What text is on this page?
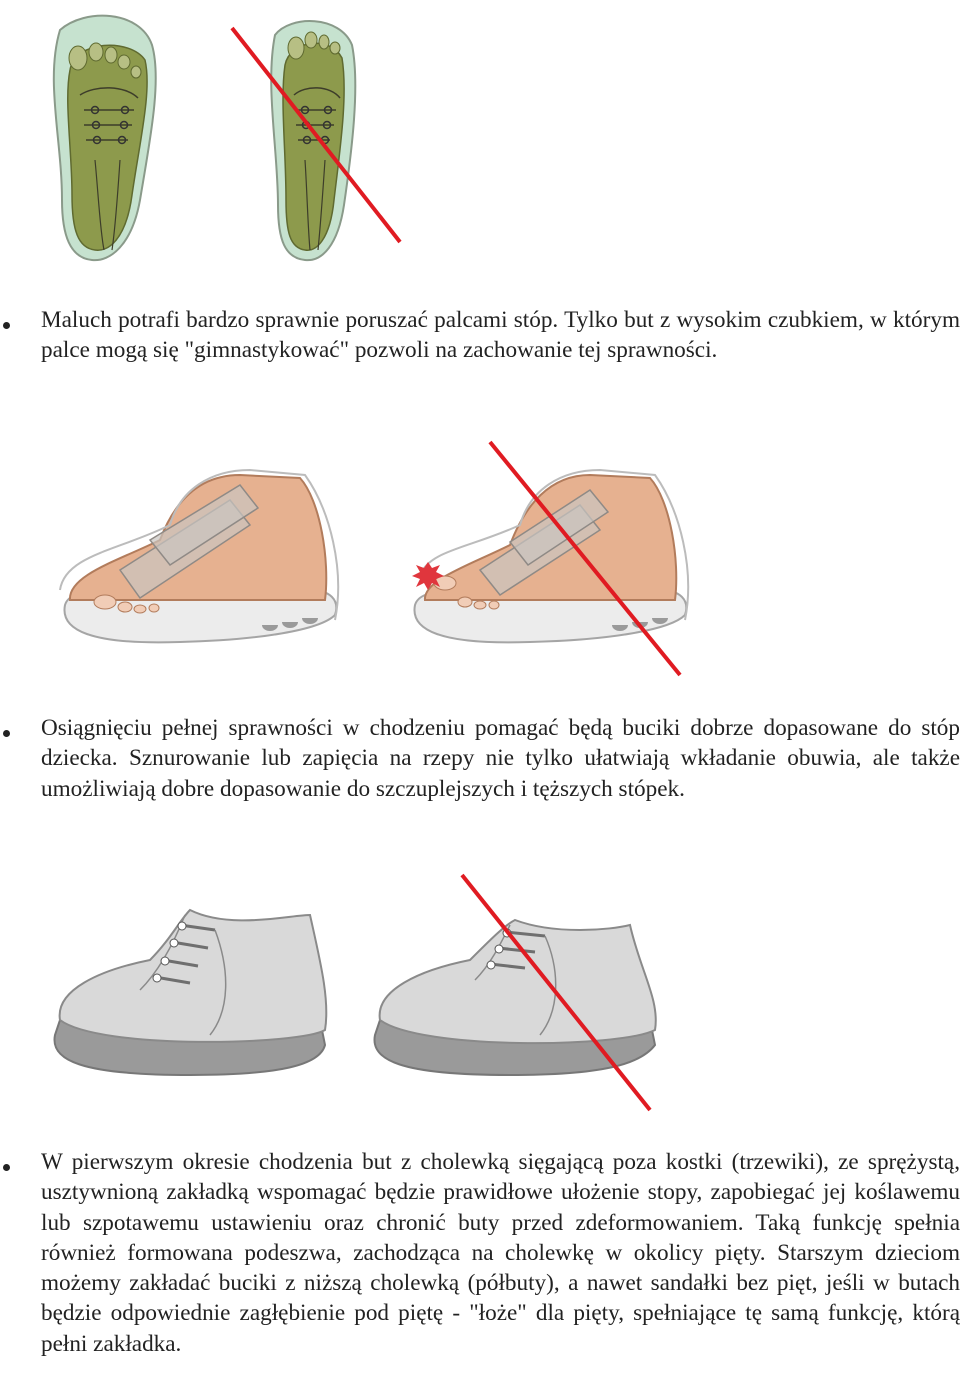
Maluch potrafi bardzo sprawnie poruszać palcami stóp. Tylko but z wysokim czubkiem, w którym palce mogą się "gimnastykować" pozwoli na zachowanie tej sprawności.

Osiągnięciu pełnej sprawności w chodzeniu pomagać będą buciki dobrze dopasowane do stóp dziecka. Sznurowanie lub zapięcia na rzepy nie tylko ułatwiają wkładanie obuwia, ale także umożliwiają dobre dopasowanie do szczuplejszych i tęższych stópek.

W pierwszym okresie chodzenia but z cholewką sięgającą poza kostki (trzewiki), ze sprężystą, usztywnioną zakładką wspomagać będzie prawidłowe ułożenie stopy, zapobiegać jej koślawemu lub szpotawemu ustawieniu oraz chronić buty przed zdeformowaniem. Taką funkcję spełnia również formowana podeszwa, zachodząca na cholewkę w okolicy pięty. Starszym dzieciom możemy zakładać buciki z niższą cholewką (półbuty), a nawet sandałki bez pięt, jeśli w butach będzie odpowiednie zagłębienie pod piętę - "łoże" dla pięty, spełniające tę samą funkcję, którą pełni zakładka.
